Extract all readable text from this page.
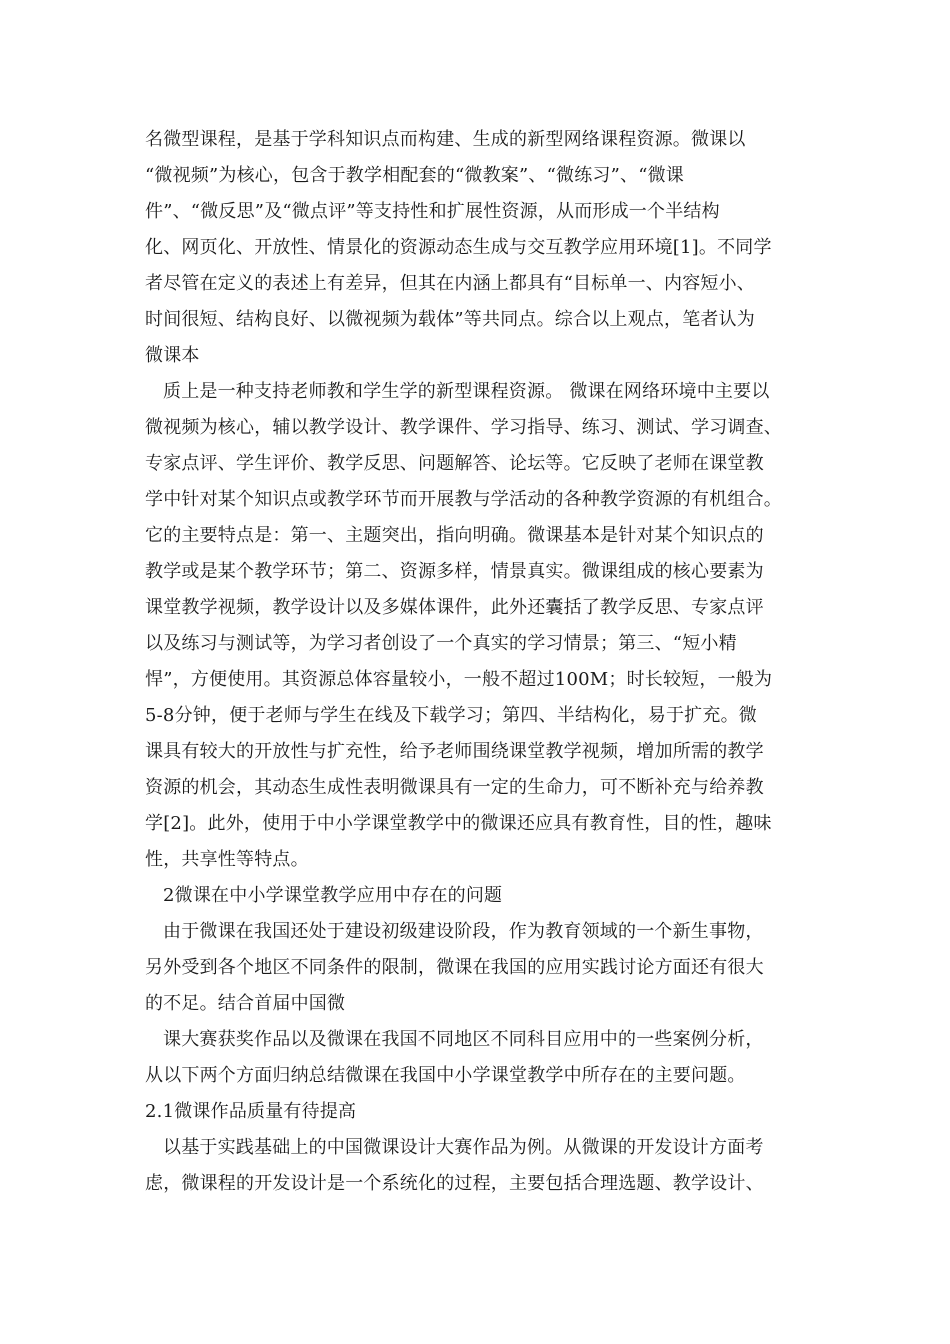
名微型课程，是基于学科知识点而构建、生成的新型网络课程资源。微课以
“微视频”为核心，包含于教学相配套的“微教案”、“微练习”、“微课
件”、“微反思”及“微点评”等支持性和扩展性资源，从而形成一个半结构
化、网页化、开放性、情景化的资源动态生成与交互教学应用环境[1]。不同学
者尽管在定义的表述上有差异，但其在内涵上都具有“目标单一、内容短小、
时间很短、结构良好、以微视频为载体”等共同点。综合以上观点，笔者认为
微课本
质上是一种支持老师教和学生学的新型课程资源。 微课在网络环境中主要以
微视频为核心，辅以教学设计、教学课件、学习指导、练习、测试、学习调查、
专家点评、学生评价、教学反思、问题解答、论坛等。它反映了老师在课堂教
学中针对某个知识点或教学环节而开展教与学活动的各种教学资源的有机组合。
它的主要特点是：第一、主题突出，指向明确。微课基本是针对某个知识点的
教学或是某个教学环节；第二、资源多样，情景真实。微课组成的核心要素为
课堂教学视频，教学设计以及多媒体课件，此外还囊括了教学反思、专家点评
以及练习与测试等，为学习者创设了一个真实的学习情景；第三、“短小精
悍”，方便使用。其资源总体容量较小，一般不超过100M；时长较短，一般为
5-8分钟，便于老师与学生在线及下载学习；第四、半结构化，易于扩充。微
课具有较大的开放性与扩充性，给予老师围绕课堂教学视频，增加所需的教学
资源的机会，其动态生成性表明微课具有一定的生命力，可不断补充与给养教
学[2]。此外，使用于中小学课堂教学中的微课还应具有教育性，目的性，趣味
性，共享性等特点。
2微课在中小学课堂教学应用中存在的问题
由于微课在我国还处于建设初级建设阶段，作为教育领域的一个新生事物，
另外受到各个地区不同条件的限制，微课在我国的应用实践讨论方面还有很大
的不足。结合首届中国微
课大赛获奖作品以及微课在我国不同地区不同科目应用中的一些案例分析，
从以下两个方面归纳总结微课在我国中小学课堂教学中所存在的主要问题。
2.1微课作品质量有待提高
以基于实践基础上的中国微课设计大赛作品为例。从微课的开发设计方面考
虑，微课程的开发设计是一个系统化的过程，主要包括合理选题、教学设计、
